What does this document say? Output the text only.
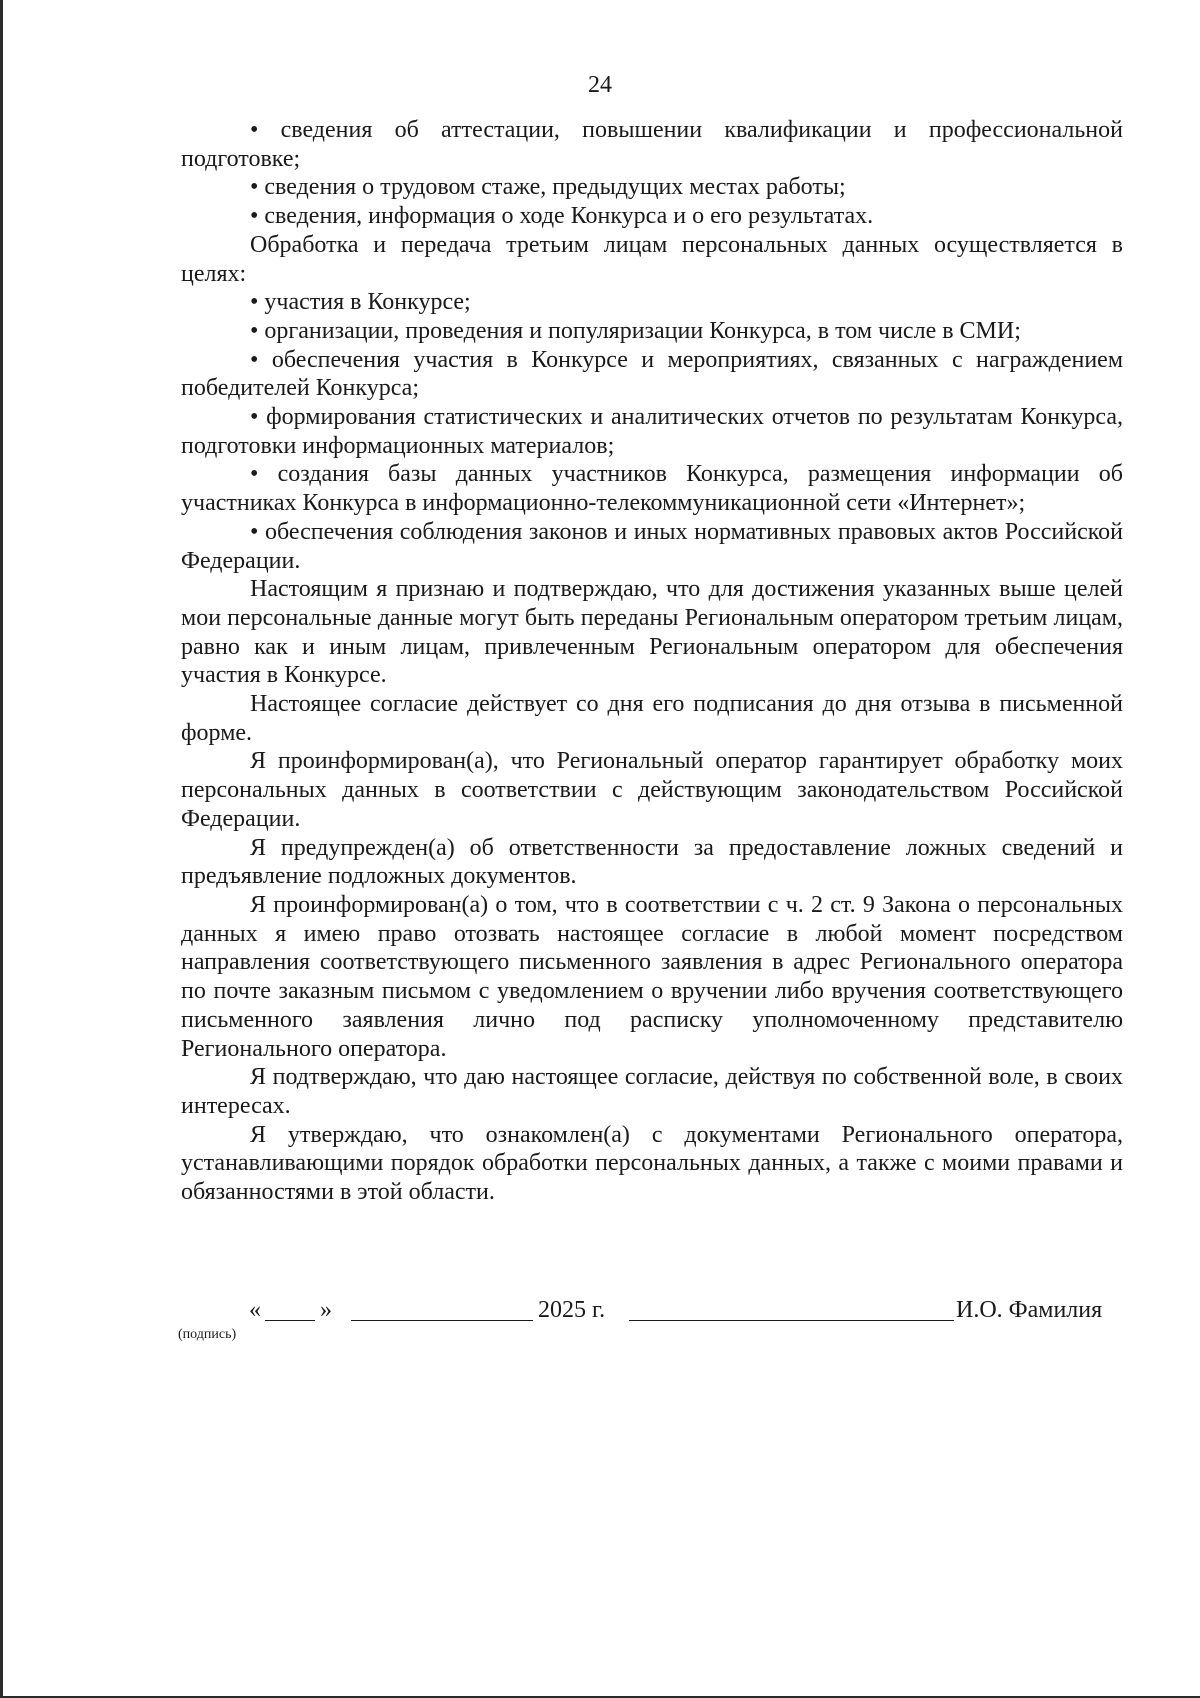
24

• сведения об аттестации, повышении квалификации и профессиональной подготовке;

• сведения о трудовом стаже, предыдущих местах работы;

• сведения, информация о ходе Конкурса и о его результатах.

Обработка и передача третьим лицам персональных данных осуществляется в целях:

• участия в Конкурсе;

• организации, проведения и популяризации Конкурса, в том числе в СМИ;

• обеспечения участия в Конкурсе и мероприятиях, связанных с награждением победителей Конкурса;

• формирования статистических и аналитических отчетов по результатам Конкурса, подготовки информационных материалов;

• создания базы данных участников Конкурса, размещения информации об участниках Конкурса в информационно-телекоммуникационной сети «Интернет»;

• обеспечения соблюдения законов и иных нормативных правовых актов Российской Федерации.

Настоящим я признаю и подтверждаю, что для достижения указанных выше целей мои персональные данные могут быть переданы Региональным оператором третьим лицам, равно как и иным лицам, привлеченным Региональным оператором для обеспечения участия в Конкурсе.

Настоящее согласие действует со дня его подписания до дня отзыва в письменной форме.

Я проинформирован(а), что Региональный оператор гарантирует обработку моих персональных данных в соответствии с действующим законодательством Российской Федерации.

Я предупрежден(а) об ответственности за предоставление ложных сведений и предъявление подложных документов.

Я проинформирован(а) о том, что в соответствии с ч. 2 ст. 9 Закона о персональных данных я имею право отозвать настоящее согласие в любой момент посредством направления соответствующего письменного заявления в адрес Регионального оператора по почте заказным письмом с уведомлением о вручении либо вручения соответствующего письменного заявления лично под расписку уполномоченному представителю Регионального оператора.

Я подтверждаю, что даю настоящее согласие, действуя по собственной воле, в своих интересах.

Я утверждаю, что ознакомлен(а) с документами Регионального оператора, устанавливающими порядок обработки персональных данных, а также с моими правами и обязанностями в этой области.

« »	2025 г.	И.О. Фамилия
(подпись)
